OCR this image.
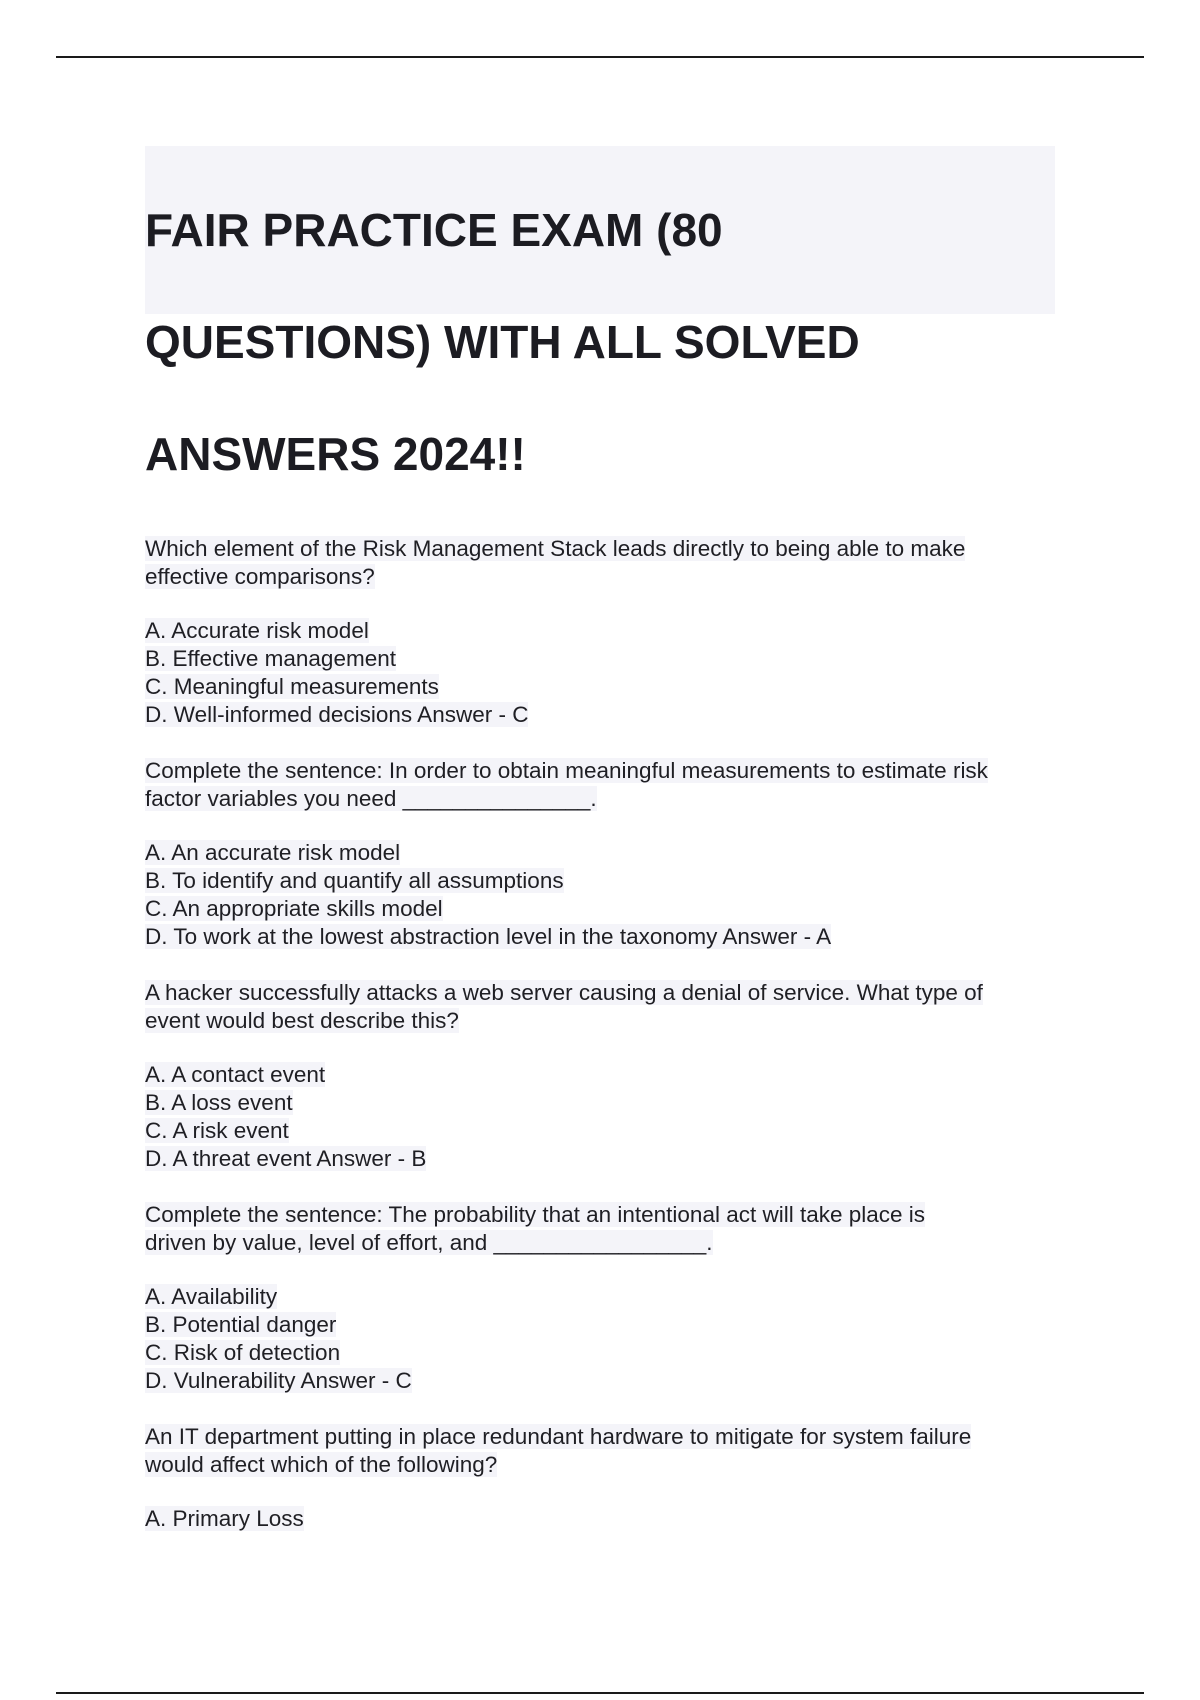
FAIR PRACTICE EXAM (80

QUESTIONS) WITH ALL SOLVED

ANSWERS 2024!!

Which element of the Risk Management Stack leads directly to being able to make
effective comparisons?
A. Accurate risk model
B. Effective management
C. Meaningful measurements
D. Well-informed decisions Answer - C
Complete the sentence: In order to obtain meaningful measurements to estimate risk
factor variables you need _______________.
A. An accurate risk model
B. To identify and quantify all assumptions
C. An appropriate skills model
D. To work at the lowest abstraction level in the taxonomy Answer - A
A hacker successfully attacks a web server causing a denial of service. What type of
event would best describe this?
A. A contact event
B. A loss event
C. A risk event
D. A threat event Answer - B
Complete the sentence: The probability that an intentional act will take place is
driven by value, level of effort, and _________________.
A. Availability
B. Potential danger
C. Risk of detection
D. Vulnerability Answer - C
An IT department putting in place redundant hardware to mitigate for system failure
would affect which of the following?
A. Primary Loss
